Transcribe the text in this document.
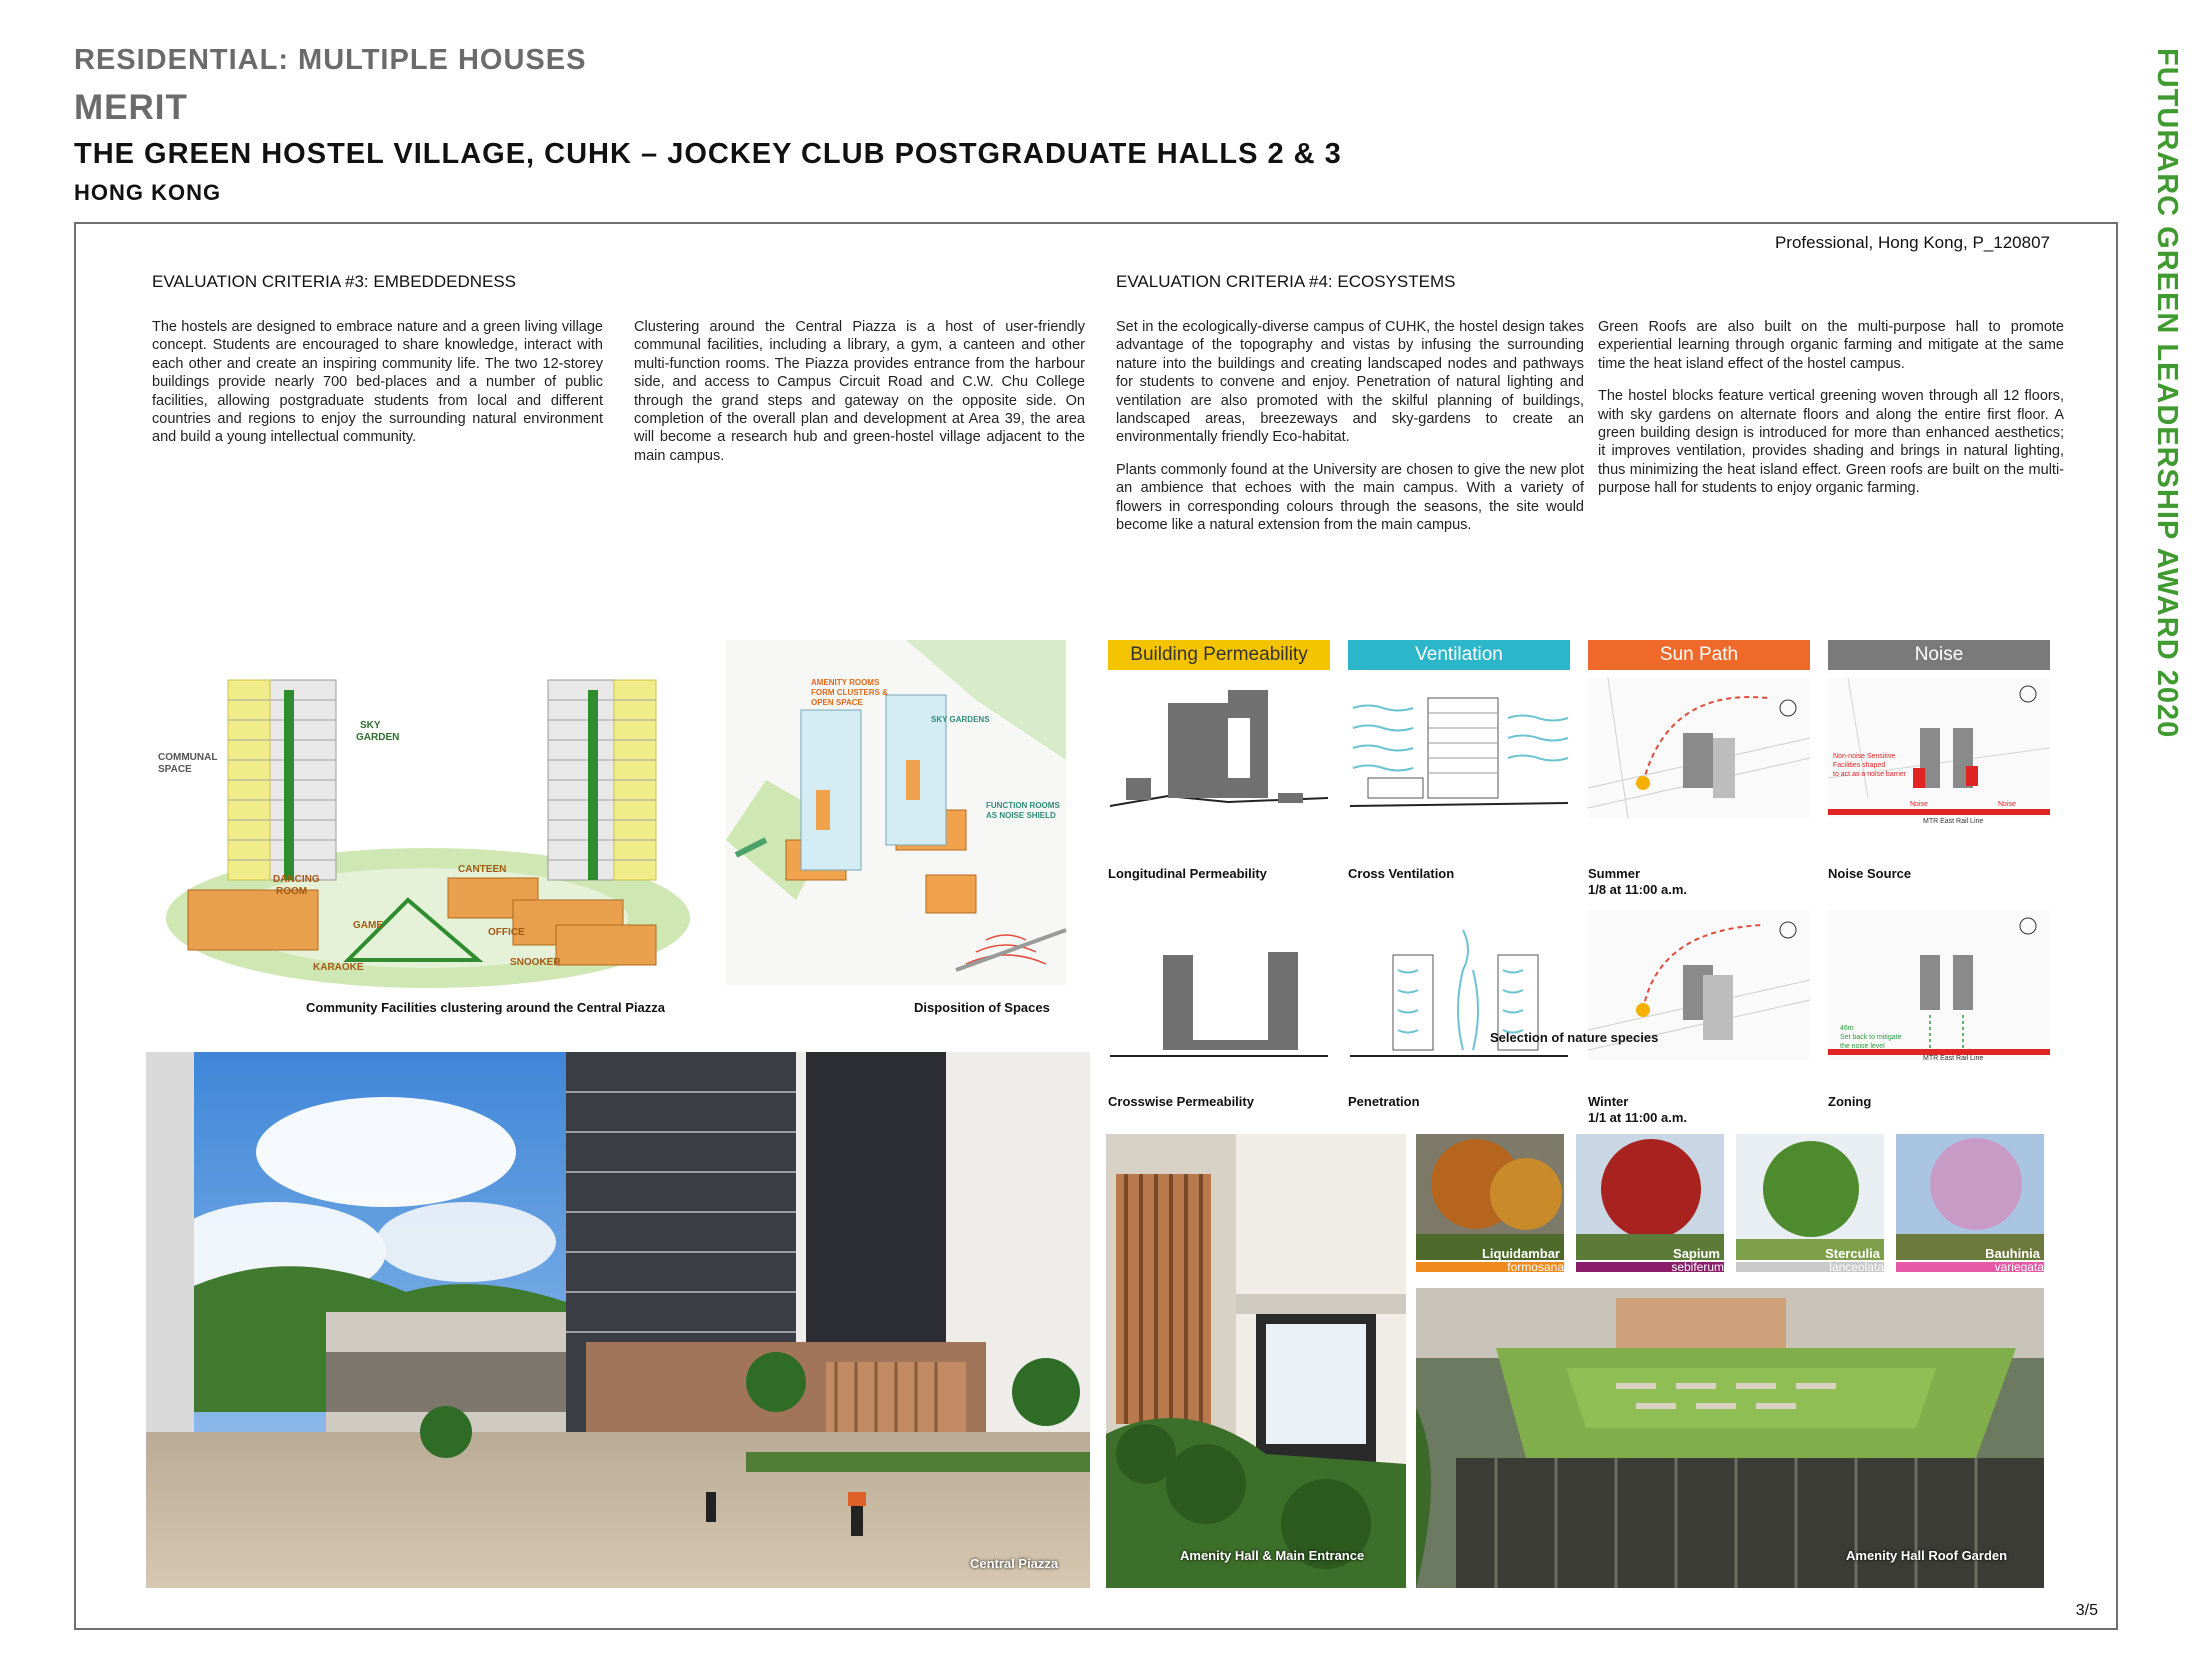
RESIDENTIAL: MULTIPLE HOUSES
MERIT
THE GREEN HOSTEL VILLAGE, CUHK – JOCKEY CLUB POSTGRADUATE HALLS 2 & 3
HONG KONG	FUTURARC GREEN LEADERSHIP AWARD 2020
Professional, Hong Kong, P_120807
EVALUATION CRITERIA #3: EMBEDDEDNESS

The hostels are designed to embrace nature and a green living village concept. Students are encouraged to share knowledge, interact with each other and create an inspiring community life. The two 12-storey buildings provide nearly 700 bed-places and a number of public facilities, allowing postgraduate students from local and different countries and regions to enjoy the surrounding natural environment and build a young intellectual community.

Clustering around the Central Piazza is a host of user-friendly communal facilities, including a library, a gym, a canteen and other multi-function rooms. The Piazza provides entrance from the harbour side, and access to Campus Circuit Road and C.W. Chu College through the grand steps and gateway on the opposite side. On completion of the overall plan and development at Area 39, the area will become a research hub and green-hostel village adjacent to the main campus.

EVALUATION CRITERIA #4: ECOSYSTEMS

Set in the ecologically-diverse campus of CUHK, the hostel design takes advantage of the topography and vistas by infusing the surrounding nature into the buildings and creating landscaped nodes and pathways for students to convene and enjoy. Penetration of natural lighting and ventilation are also promoted with the skilful planning of buildings, landscaped areas, breezeways and sky-gardens to create an environmentally friendly Eco-habitat.

Plants commonly found at the University are chosen to give the new plot an ambience that echoes with the main campus. With a variety of flowers in corresponding colours through the seasons, the site would become like a natural extension from the main campus.

Green Roofs are also built on the multi-purpose hall to promote experiential learning through organic farming and mitigate at the same time the heat island effect of the hostel campus.

The hostel blocks feature vertical greening woven through all 12 floors, with sky gardens on alternate floors and along the entire first floor. A green building design is introduced for more than enhanced aesthetics; it improves ventilation, provides shading and brings in natural lighting, thus minimizing the heat island effect. Green roofs are built on the multi-purpose hall for students to enjoy organic farming.

COMMUNAL
SPACE
SKY
GARDEN
CANTEEN
DANCING
ROOM
GAME
OFFICE
SNOOKER
KARAOKE
Community Facilities clustering around the Central Piazza
AMENITY ROOMS
FORM CLUSTERS &
OPEN SPACE
SKY GARDENS
FUNCTION ROOMS
AS NOISE SHIELD
Disposition of Spaces
Building Permeability	Ventilation	Sun Path	Noise
Non-noise Sensitive
Facilities shaped
to act as a noise barrier
Noise	Noise
MTR East Rail Line
Longitudinal Permeability	Cross Ventilation	Summer
1/8 at 11:00 a.m.
Noise Source
46m
Set back to mitigate
the noise level
MTR East Rail Line
Crosswise Permeability	Penetration	Winter
1/1 at 11:00 a.m.
Zoning
Central Piazza
Amenity Hall & Main Entrance
Selection of nature species
Liquidambar
formosana
Sapium
sebiferum
Sterculia
lanceolata
Bauhinia
variegata
Amenity Hall Roof Garden
3/5
